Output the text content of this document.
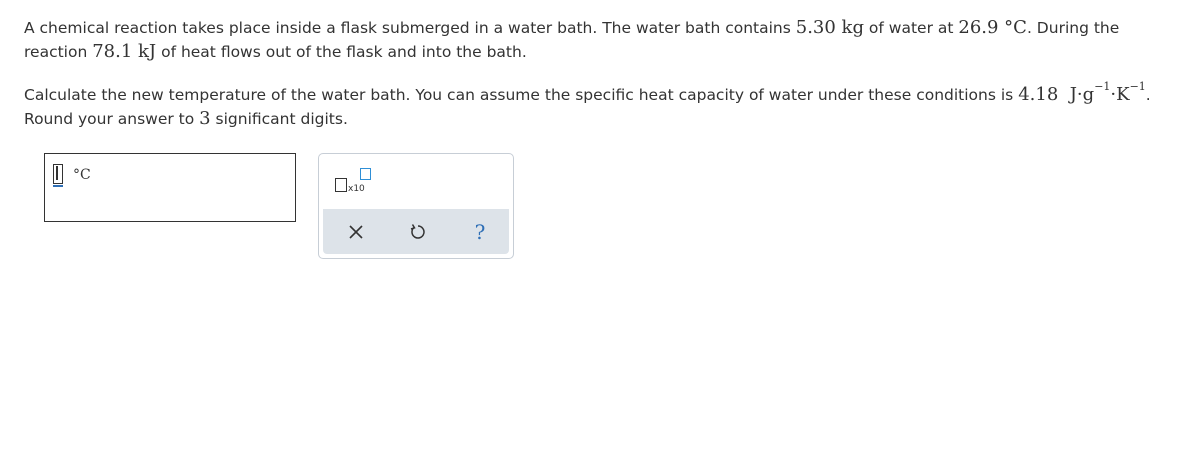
A chemical reaction takes place inside a flask submerged in a water bath. The water bath contains 5.30 kg of water at 26.9 °C. During the reaction 78.1 kJ of heat flows out of the flask and into the bath.

Calculate the new temperature of the water bath. You can assume the specific heat capacity of water under these conditions is 4.18 $J\cdot g^{-1}\cdot K^{-1}$. Round your answer to 3 significant digits.

°C
x10
?
